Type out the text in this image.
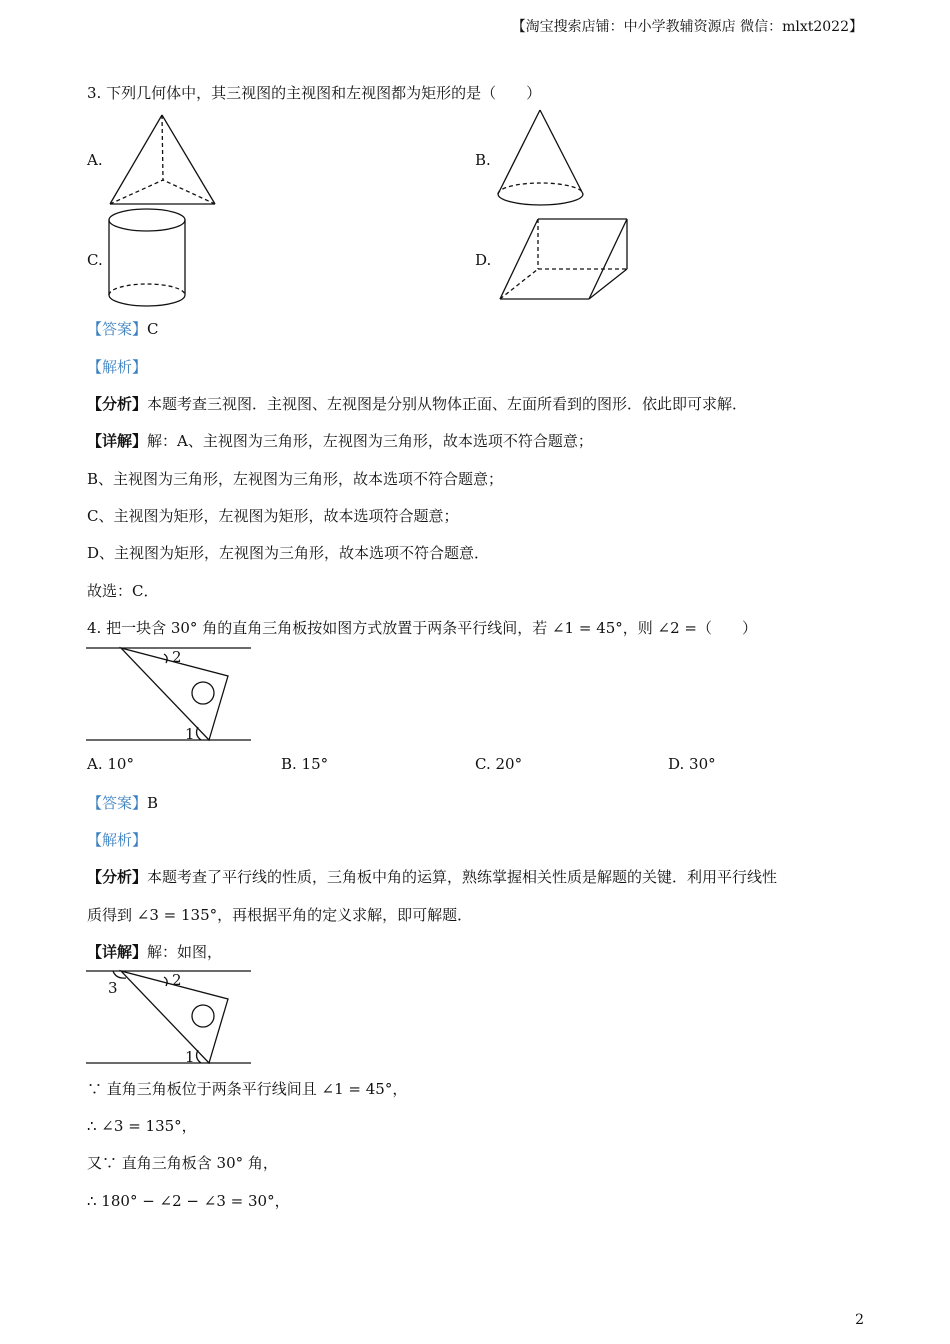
【淘宝搜索店铺：中小学教辅资源店 微信：mlxt2022】
3. 下列几何体中，其三视图的主视图和左视图都为矩形的是（　　）
A.	B.
C.	D.
【答案】C
【解析】
【分析】本题考查三视图．主视图、左视图是分别从物体正面、左面所看到的图形．依此即可求解．
【详解】解：A、主视图为三角形，左视图为三角形，故本选项不符合题意；
B、主视图为三角形，左视图为三角形，故本选项不符合题意；
C、主视图为矩形，左视图为矩形，故本选项符合题意；
D、主视图为矩形，左视图为三角形，故本选项不符合题意．
故选：C．
4. 把一块含 30° 角的直角三角板按如图方式放置于两条平行线间，若 ∠1 = 45°，则 ∠2 =（　　）
2
1
A. 10°	B. 15°	C. 20°	D. 30°
【答案】B
【解析】
【分析】本题考查了平行线的性质，三角板中角的运算，熟练掌握相关性质是解题的关键．利用平行线性
质得到 ∠3 = 135°，再根据平角的定义求解，即可解题．
【详解】解：如图，
2
3
1
∵ 直角三角板位于两条平行线间且 ∠1 = 45°，
∴ ∠3 = 135°，
又∵ 直角三角板含 30° 角，
∴ 180° − ∠2 − ∠3 = 30°，
2
